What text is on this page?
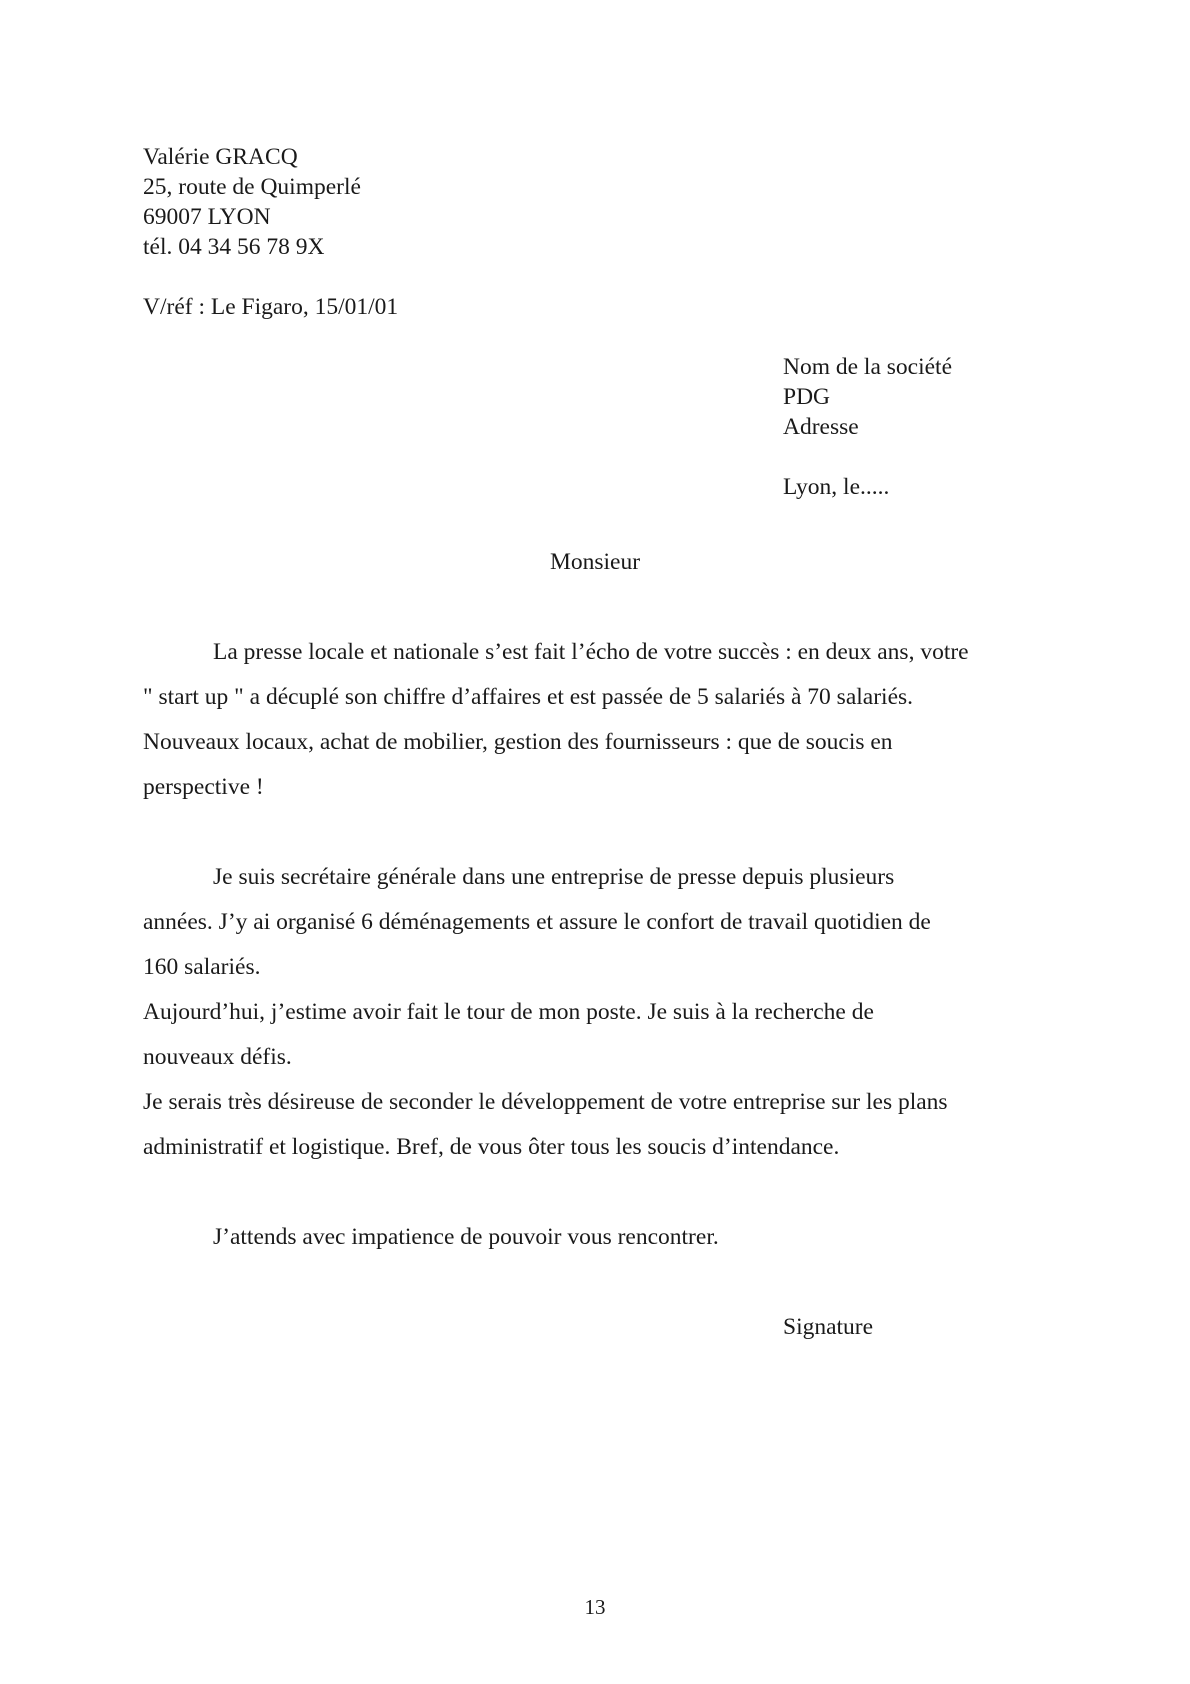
Valérie GRACQ
25, route de Quimperlé
69007 LYON
tél. 04 34 56 78 9X
V/réf : Le Figaro, 15/01/01
Nom de la société
PDG
Adresse
Lyon, le.....
Monsieur
La presse locale et nationale s’est fait l’écho de votre succès : en deux ans, votre
" start up " a décuplé son chiffre d’affaires et est passée de 5 salariés à 70 salariés.
Nouveaux locaux, achat de mobilier, gestion des fournisseurs : que de soucis en
perspective !
Je suis secrétaire générale dans une entreprise de presse depuis plusieurs
années. J’y ai organisé 6 déménagements et assure le confort de travail quotidien de
160 salariés.
Aujourd’hui, j’estime avoir fait le tour de mon poste. Je suis à la recherche de
nouveaux défis.
Je serais très désireuse de seconder le développement de votre entreprise sur les plans
administratif et logistique. Bref, de vous ôter tous les soucis d’intendance.
J’attends avec impatience de pouvoir vous rencontrer.
Signature
13
